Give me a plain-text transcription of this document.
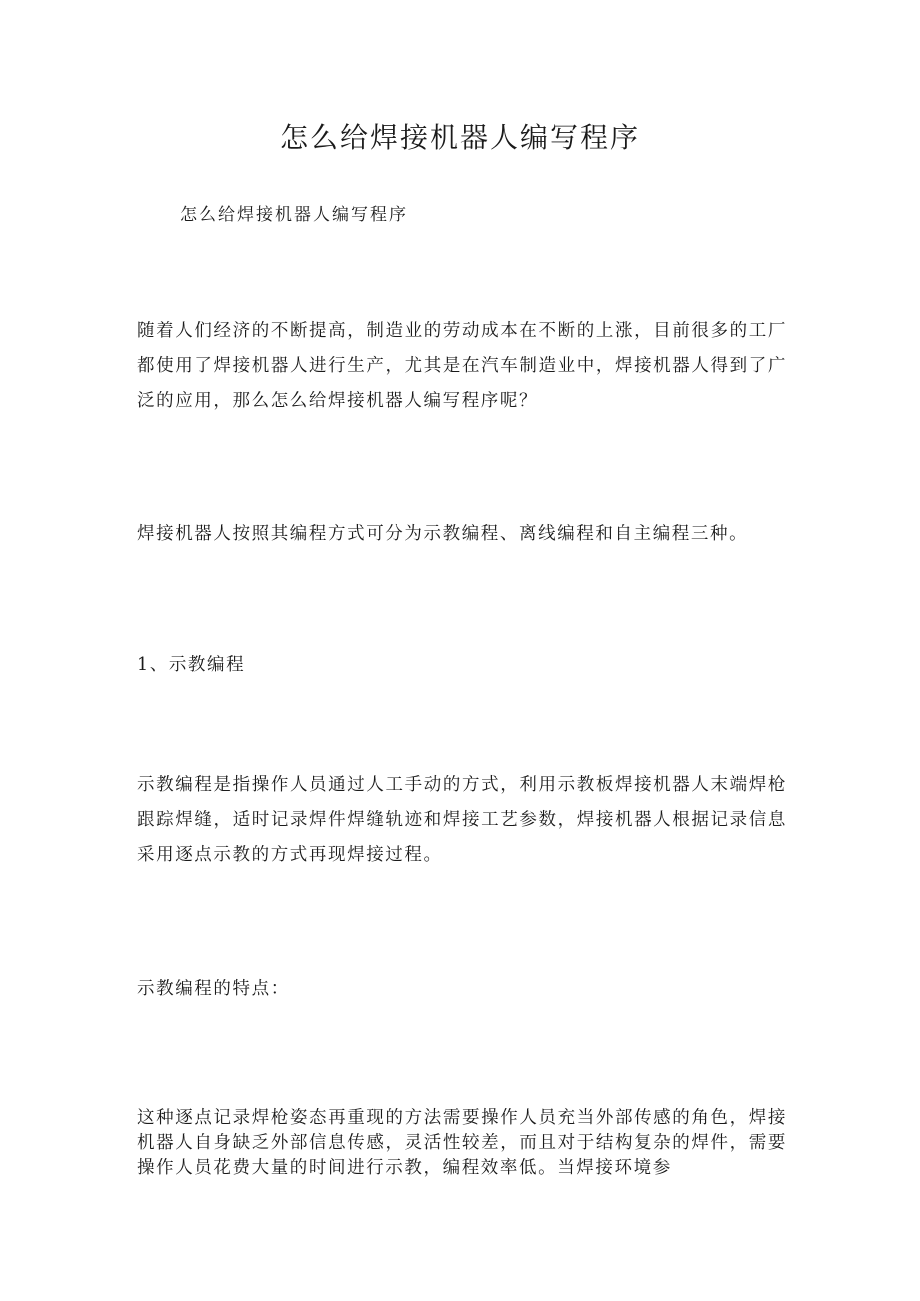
怎么给焊接机器人编写程序

怎么给焊接机器人编写程序

随着人们经济的不断提高，制造业的劳动成本在不断的上涨，目前很多的工厂都使用了焊接机器人进行生产，尤其是在汽车制造业中，焊接机器人得到了广泛的应用，那么怎么给焊接机器人编写程序呢？

焊接机器人按照其编程方式可分为示教编程、离线编程和自主编程三种。

1、示教编程

示教编程是指操作人员通过人工手动的方式，利用示教板焊接机器人末端焊枪跟踪焊缝，适时记录焊件焊缝轨迹和焊接工艺参数，焊接机器人根据记录信息采用逐点示教的方式再现焊接过程。

示教编程的特点：

这种逐点记录焊枪姿态再重现的方法需要操作人员充当外部传感的角色，焊接机器人自身缺乏外部信息传感，灵活性较差，而且对于结构复杂的焊件，需要操作人员花费大量的时间进行示教，编程效率低。当焊接环境参
